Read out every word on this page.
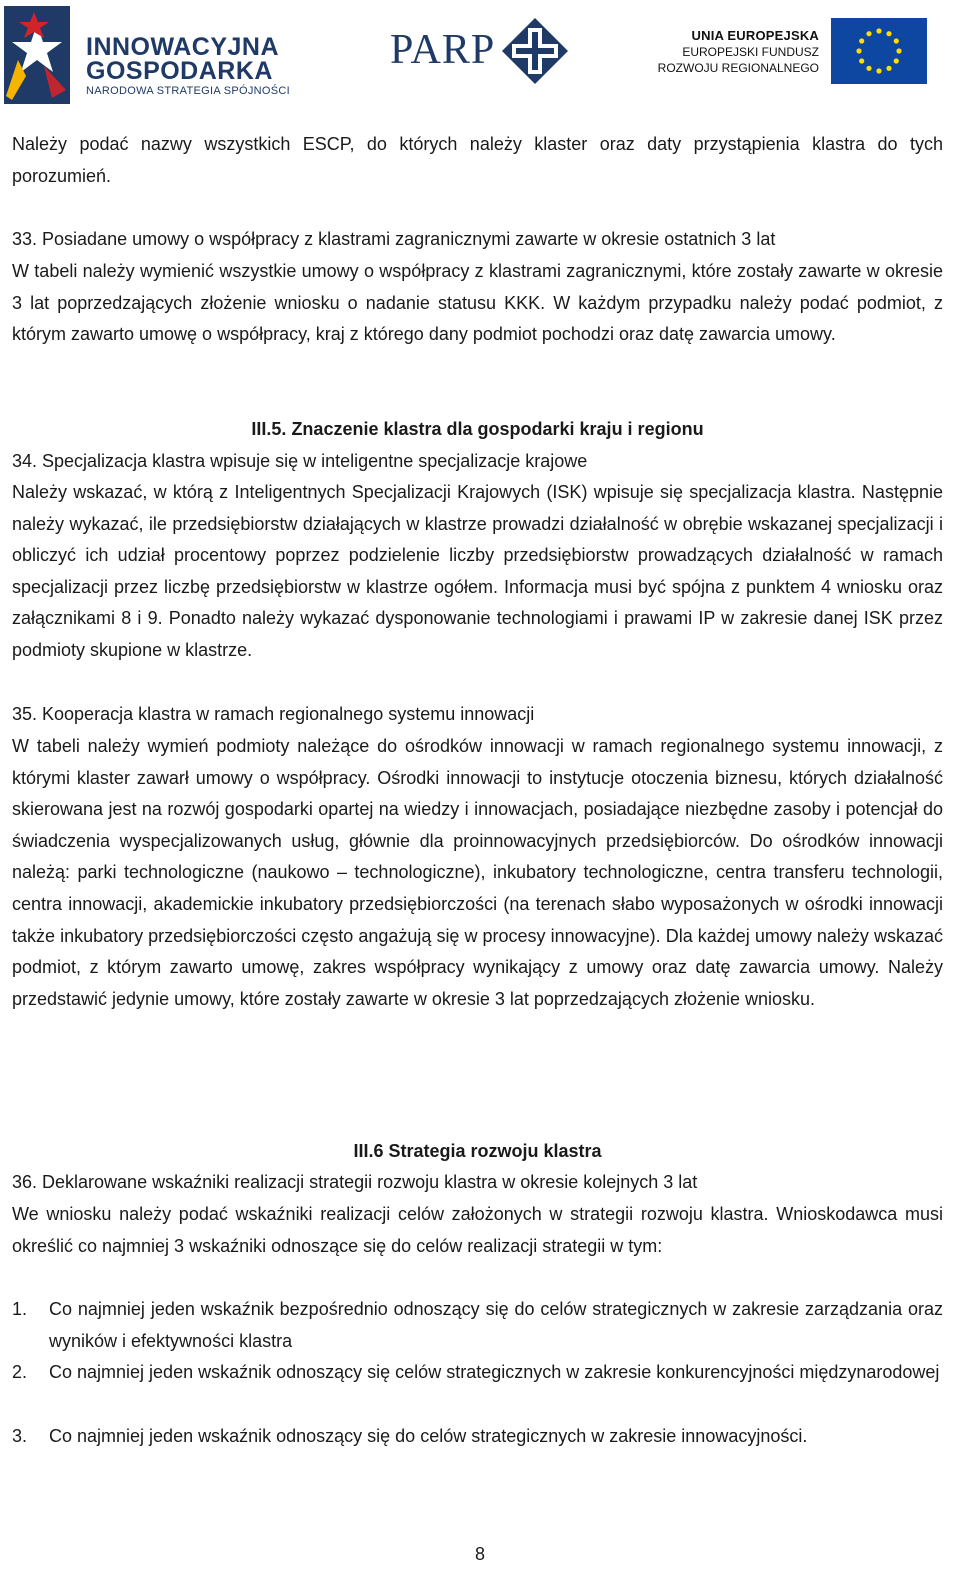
INNOWACYJNA
GOSPODARKA
NARODOWA STRATEGIA SPÓJNOŚCI
PARP	UNIA EUROPEJSKA
EUROPEJSKI FUNDUSZ
ROZWOJU REGIONALNEGO

Należy podać nazwy wszystkich ESCP, do których należy klaster oraz daty przystąpienia klastra do tych porozumień.

33. Posiadane umowy o współpracy z klastrami zagranicznymi zawarte w okresie ostatnich 3 lat

W tabeli należy wymienić wszystkie umowy o współpracy z klastrami zagranicznymi, które zostały zawarte w okresie 3 lat poprzedzających złożenie wniosku o nadanie statusu KKK. W każdym przypadku należy podać podmiot, z którym zawarto umowę o współpracy, kraj z którego dany podmiot pochodzi oraz datę zawarcia umowy.

III.5. Znaczenie klastra dla gospodarki kraju i regionu

34. Specjalizacja klastra wpisuje się w inteligentne specjalizacje krajowe

Należy wskazać, w którą z Inteligentnych Specjalizacji Krajowych (ISK) wpisuje się specjalizacja klastra. Następnie należy wykazać, ile przedsiębiorstw działających w klastrze prowadzi działalność w obrębie wskazanej specjalizacji i obliczyć ich udział procentowy poprzez podzielenie liczby przedsiębiorstw prowadzących działalność w ramach specjalizacji przez liczbę przedsiębiorstw w klastrze ogółem. Informacja musi być spójna z punktem 4 wniosku oraz załącznikami 8 i 9. Ponadto należy wykazać dysponowanie technologiami i prawami IP w zakresie danej ISK przez podmioty skupione w klastrze.

35. Kooperacja klastra w ramach regionalnego systemu innowacji

W tabeli należy wymień podmioty należące do ośrodków innowacji w ramach regionalnego systemu innowacji, z którymi klaster zawarł umowy o współpracy. Ośrodki innowacji to instytucje otoczenia biznesu, których działalność skierowana jest na rozwój gospodarki opartej na wiedzy i innowacjach, posiadające niezbędne zasoby i potencjał do świadczenia wyspecjalizowanych usług, głównie dla proinnowacyjnych przedsiębiorców. Do ośrodków innowacji należą: parki technologiczne (naukowo – technologiczne), inkubatory technologiczne, centra transferu technologii, centra innowacji, akademickie inkubatory przedsiębiorczości (na terenach słabo wyposażonych w ośrodki innowacji także inkubatory przedsiębiorczości często angażują się w procesy innowacyjne). Dla każdej umowy należy wskazać podmiot, z którym zawarto umowę, zakres współpracy wynikający z umowy oraz datę zawarcia umowy. Należy przedstawić jedynie umowy, które zostały zawarte w okresie 3 lat poprzedzających złożenie wniosku.

III.6 Strategia rozwoju klastra

36. Deklarowane wskaźniki realizacji strategii rozwoju klastra w okresie kolejnych 3 lat

We wniosku należy podać wskaźniki realizacji celów założonych w strategii rozwoju klastra. Wnioskodawca musi określić co najmniej 3 wskaźniki odnoszące się do celów realizacji strategii w tym:

1. Co najmniej jeden wskaźnik bezpośrednio odnoszący się do celów strategicznych w zakresie zarządzania oraz wyników i efektywności klastra
2. Co najmniej jeden wskaźnik odnoszący się celów strategicznych w zakresie konkurencyjności międzynarodowej
3. Co najmniej jeden wskaźnik odnoszący się do celów strategicznych w zakresie innowacyjności.
8
